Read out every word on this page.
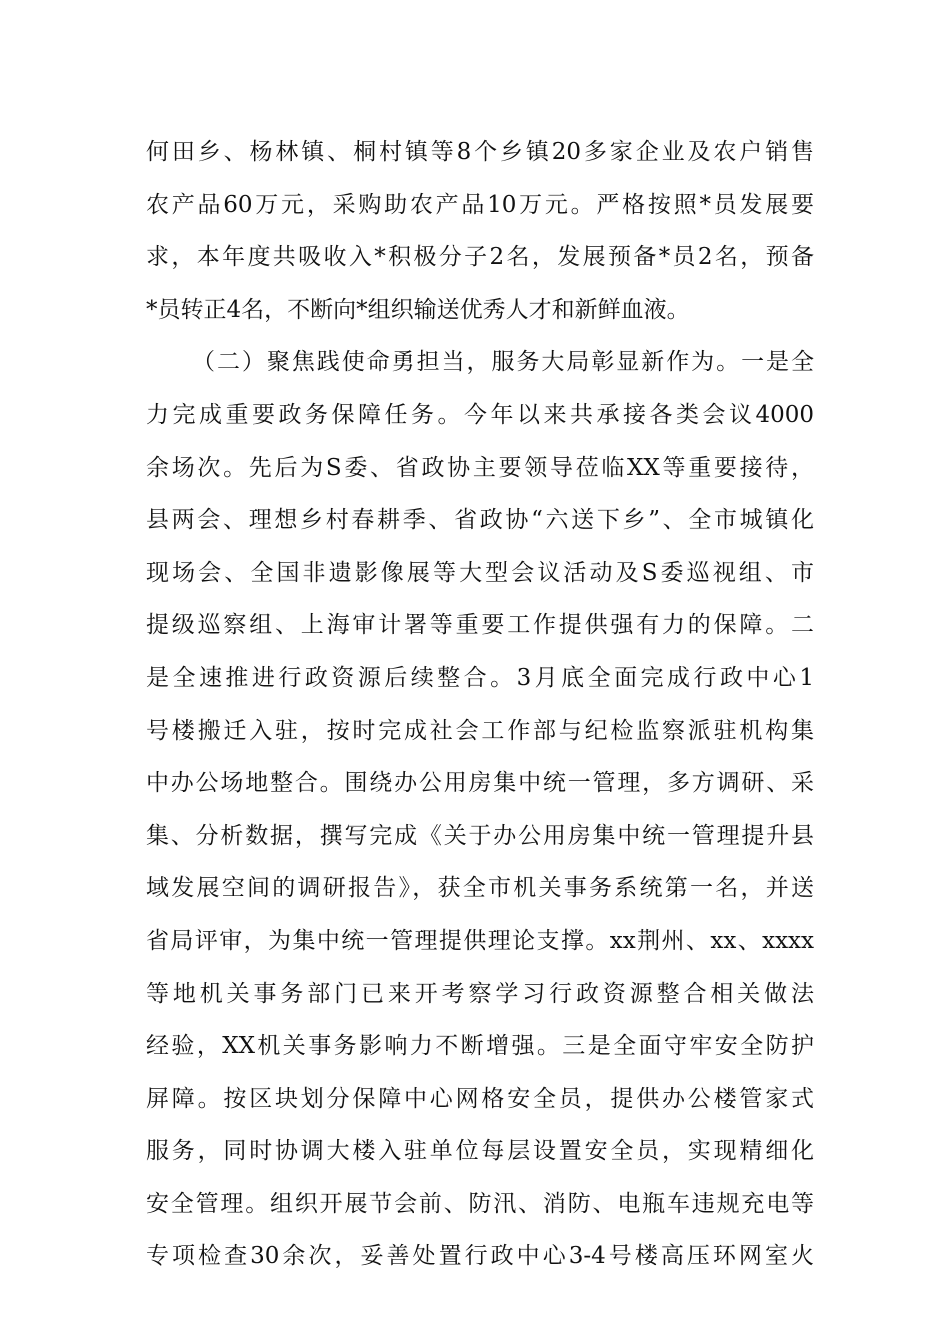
何田乡、杨林镇、桐村镇等8个乡镇20多家企业及农户销售
农产品60万元，采购助农产品10万元。严格按照*员发展要
求，本年度共吸收入*积极分子2名，发展预备*员2名，预备
*员转正4名，不断向*组织输送优秀人才和新鲜血液。
（二）聚焦践使命勇担当，服务大局彰显新作为。一是全
力完成重要政务保障任务。今年以来共承接各类会议4000
余场次。先后为S委、省政协主要领导莅临XX等重要接待，
县两会、理想乡村春耕季、省政协“六送下乡”、全市城镇化
现场会、全国非遗影像展等大型会议活动及S委巡视组、市
提级巡察组、上海审计署等重要工作提供强有力的保障。二
是全速推进行政资源后续整合。3月底全面完成行政中心1
号楼搬迁入驻，按时完成社会工作部与纪检监察派驻机构集
中办公场地整合。围绕办公用房集中统一管理，多方调研、采
集、分析数据，撰写完成《关于办公用房集中统一管理提升县
域发展空间的调研报告》，获全市机关事务系统第一名，并送
省局评审，为集中统一管理提供理论支撑。xx荆州、xx、xxxx
等地机关事务部门已来开考察学习行政资源整合相关做法
经验，XX机关事务影响力不断增强。三是全面守牢安全防护
屏障。按区块划分保障中心网格安全员，提供办公楼管家式
服务，同时协调大楼入驻单位每层设置安全员，实现精细化
安全管理。组织开展节会前、防汛、消防、电瓶车违规充电等
专项检查30余次，妥善处置行政中心3-4号楼高压环网室火
